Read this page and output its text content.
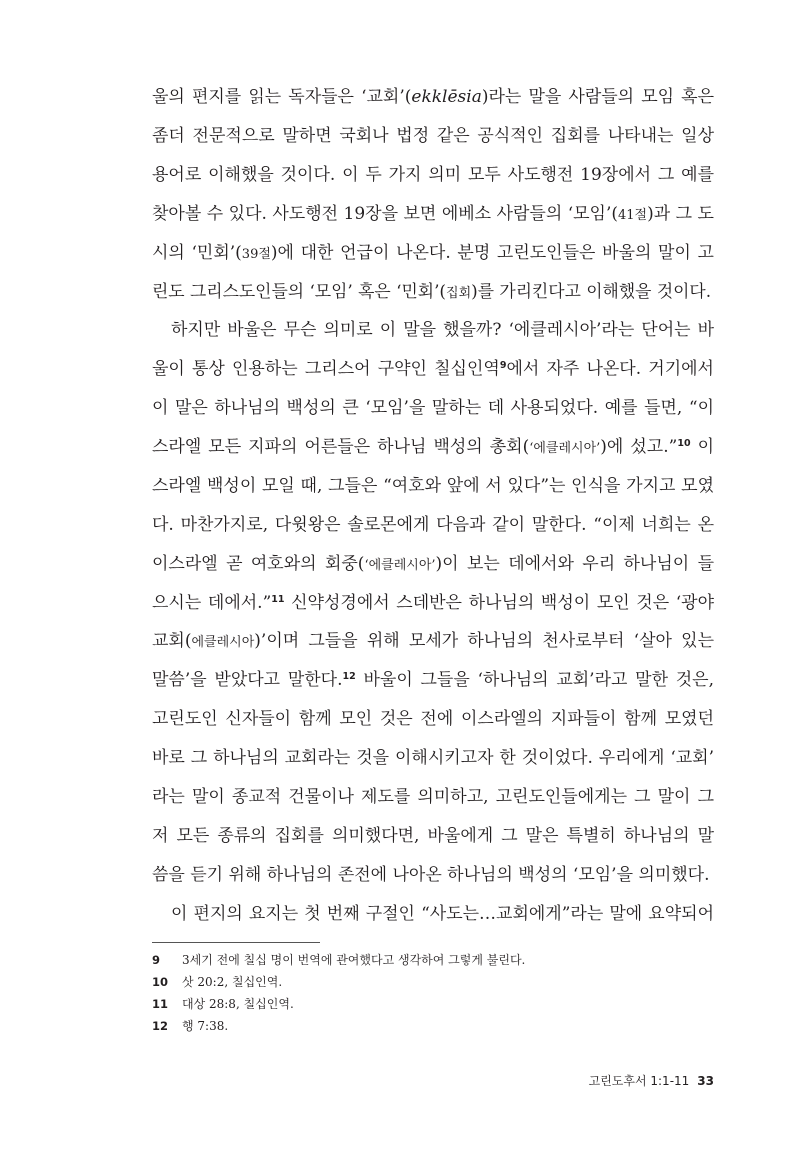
울의 편지를 읽는 독자들은 ‘교회’(ekklēsia)라는 말을 사람들의 모임 혹은
좀더 전문적으로 말하면 국회나 법정 같은 공식적인 집회를 나타내는 일상
용어로 이해했을 것이다. 이 두 가지 의미 모두 사도행전 19장에서 그 예를
찾아볼 수 있다. 사도행전 19장을 보면 에베소 사람들의 ‘모임’(41절)과 그 도
시의 ‘민회’(39절)에 대한 언급이 나온다. 분명 고린도인들은 바울의 말이 고
린도 그리스도인들의 ‘모임’ 혹은 ‘민회’(집회)를 가리킨다고 이해했을 것이다.
하지만 바울은 무슨 의미로 이 말을 했을까? ‘에클레시아’라는 단어는 바
울이 통상 인용하는 그리스어 구약인 칠십인역$^9$에서 자주 나온다. 거기에서
이 말은 하나님의 백성의 큰 ‘모임’을 말하는 데 사용되었다. 예를 들면, “이
스라엘 모든 지파의 어른들은 하나님 백성의 총회(‘에클레시아’)에 섰고.”$^{10}$ 이
스라엘 백성이 모일 때, 그들은 “여호와 앞에 서 있다”는 인식을 가지고 모였
다. 마찬가지로, 다윗왕은 솔로몬에게 다음과 같이 말한다. “이제 너희는 온
이스라엘 곧 여호와의 회중(‘에클레시아’)이 보는 데에서와 우리 하나님이 들
으시는 데에서.”$^{11}$ 신약성경에서 스데반은 하나님의 백성이 모인 것은 ‘광야
교회(에클레시아)’이며 그들을 위해 모세가 하나님의 천사로부터 ‘살아 있는
말씀’을 받았다고 말한다.$^{12}$ 바울이 그들을 ‘하나님의 교회’라고 말한 것은,
고린도인 신자들이 함께 모인 것은 전에 이스라엘의 지파들이 함께 모였던
바로 그 하나님의 교회라는 것을 이해시키고자 한 것이었다. 우리에게 ‘교회’
라는 말이 종교적 건물이나 제도를 의미하고, 고린도인들에게는 그 말이 그
저 모든 종류의 집회를 의미했다면, 바울에게 그 말은 특별히 하나님의 말
씀을 듣기 위해 하나님의 존전에 나아온 하나님의 백성의 ‘모임’을 의미했다.
이 편지의 요지는 첫 번째 구절인 “사도는…교회에게”라는 말에 요약되어
9 3세기 전에 칠십 명이 번역에 관여했다고 생각하여 그렇게 불린다.
10 삿 20:2, 칠십인역.
11 대상 28:8, 칠십인역.
12 행 7:38.
고린도후서 1:1-11 33
